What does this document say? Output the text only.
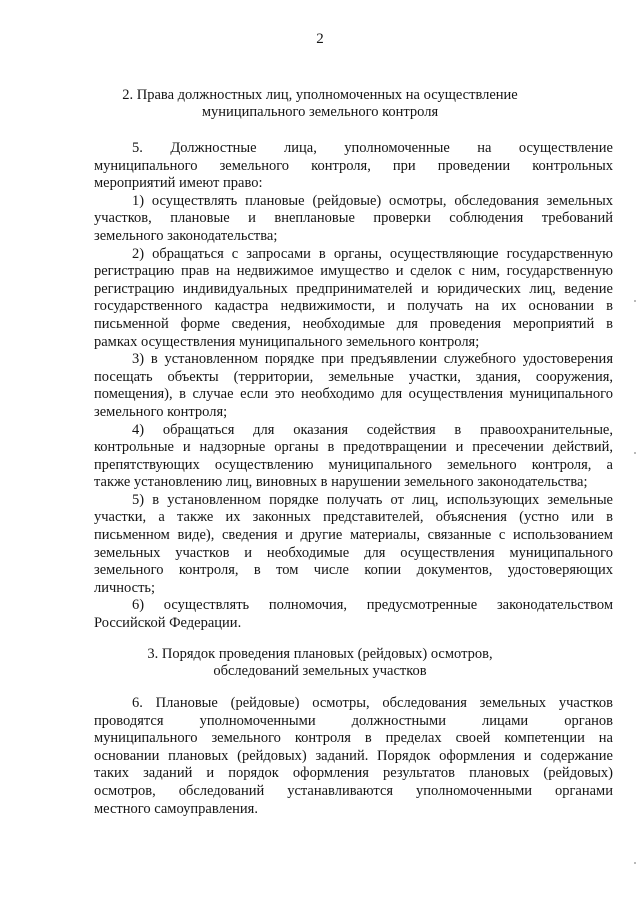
2
2. Права должностных лиц, уполномоченных на осуществление
муниципального земельного контроля

5. Должностные лица, уполномоченные на осуществление
муниципального земельного контроля, при проведении контрольных
мероприятий имеют право:

1) осуществлять плановые (рейдовые) осмотры, обследования земельных
участков, плановые и внеплановые проверки соблюдения требований
земельного законодательства;

2) обращаться с запросами в органы, осуществляющие государственную
регистрацию прав на недвижимое имущество и сделок с ним, государственную
регистрацию индивидуальных предпринимателей и юридических лиц, ведение
государственного кадастра недвижимости, и получать на их основании в
письменной форме сведения, необходимые для проведения мероприятий в
рамках осуществления муниципального земельного контроля;

3) в установленном порядке при предъявлении служебного удостоверения
посещать объекты (территории, земельные участки, здания, сооружения,
помещения), в случае если это необходимо для осуществления муниципального
земельного контроля;

4) обращаться для оказания содействия в правоохранительные,
контрольные и надзорные органы в предотвращении и пресечении действий,
препятствующих осуществлению муниципального земельного контроля, а
также установлению лиц, виновных в нарушении земельного законодательства;

5) в установленном порядке получать от лиц, использующих земельные
участки, а также их законных представителей, объяснения (устно или в
письменном виде), сведения и другие материалы, связанные с использованием
земельных участков и необходимые для осуществления муниципального
земельного контроля, в том числе копии документов, удостоверяющих
личность;

6) осуществлять полномочия, предусмотренные законодательством
Российской Федерации.

3. Порядок проведения плановых (рейдовых) осмотров,
обследований земельных участков

6. Плановые (рейдовые) осмотры, обследования земельных участков
проводятся уполномоченными должностными лицами органов
муниципального земельного контроля в пределах своей компетенции на
основании плановых (рейдовых) заданий. Порядок оформления и содержание
таких заданий и порядок оформления результатов плановых (рейдовых)
осмотров, обследований устанавливаются уполномоченными органами
местного самоуправления.
